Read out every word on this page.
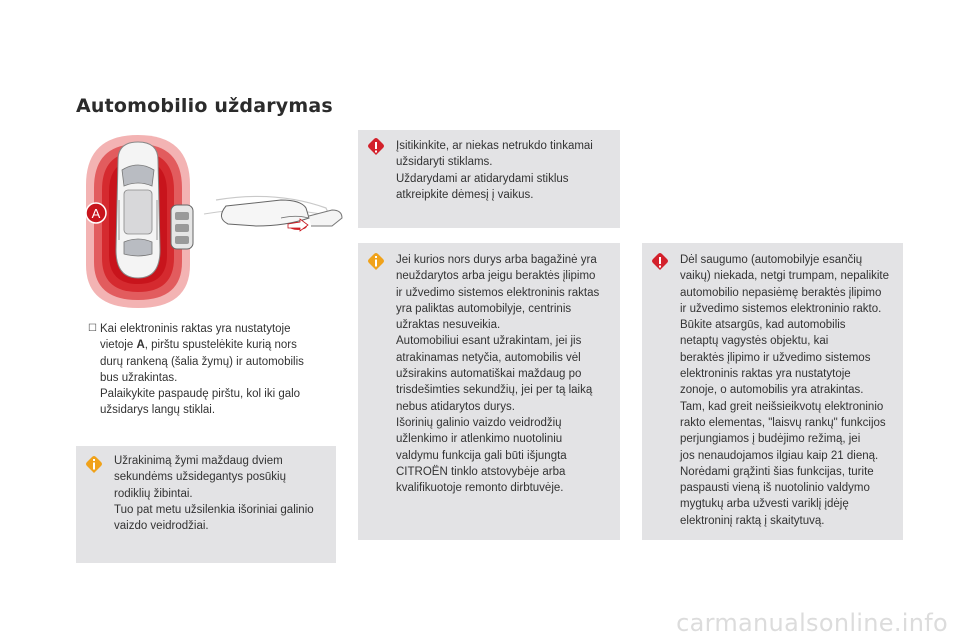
Automobilio uždarymas
A
☐ Kai elektroninis raktas yra nustatytoje
vietoje A, pirštu spustelėkite kurią nors
durų rankeną (šalia žymų) ir automobilis
bus užrakintas.
Palaikykite paspaudę pirštu, kol iki galo
užsidarys langų stiklai.
Įsitikinkite, ar niekas netrukdo tinkamai
užsidaryti stiklams.
Uždarydami ar atidarydami stiklus
atkreipkite dėmesį į vaikus.
Jei kurios nors durys arba bagažinė yra
neuždarytos arba jeigu beraktės įlipimo
ir užvedimo sistemos elektroninis raktas
yra paliktas automobilyje, centrinis
užraktas nesuveikia.
Automobiliui esant užrakintam, jei jis
atrakinamas netyčia, automobilis vėl
užsirakins automatiškai maždaug po
trisdešimties sekundžių, jei per tą laiką
nebus atidarytos durys.
Išorinių galinio vaizdo veidrodžių
užlenkimo ir atlenkimo nuotoliniu
valdymu funkcija gali būti išjungta
CITROËN tinklo atstovybėje arba
kvalifikuotoje remonto dirbtuvėje.
Užrakinimą žymi maždaug dviem
sekundėms užsidegantys posūkių
rodiklių žibintai.
Tuo pat metu užsilenkia išoriniai galinio
vaizdo veidrodžiai.
Dėl saugumo (automobilyje esančių
vaikų) niekada, netgi trumpam, nepalikite
automobilio nepasiėmę beraktės įlipimo
ir užvedimo sistemos elektroninio rakto.
Būkite atsargūs, kad automobilis
netaptų vagystės objektu, kai
beraktės įlipimo ir užvedimo sistemos
elektroninis raktas yra nustatytoje
zonoje, o automobilis yra atrakintas.
Tam, kad greit neišsieikvotų elektroninio
rakto elementas, "laisvų rankų" funkcijos
perjungiamos į budėjimo režimą, jei
jos nenaudojamos ilgiau kaip 21 dieną.
Norėdami grąžinti šias funkcijas, turite
paspausti vieną iš nuotolinio valdymo
mygtukų arba užvesti variklį įdėję
elektroninį raktą į skaitytuvą.
carmanualsonline.info
